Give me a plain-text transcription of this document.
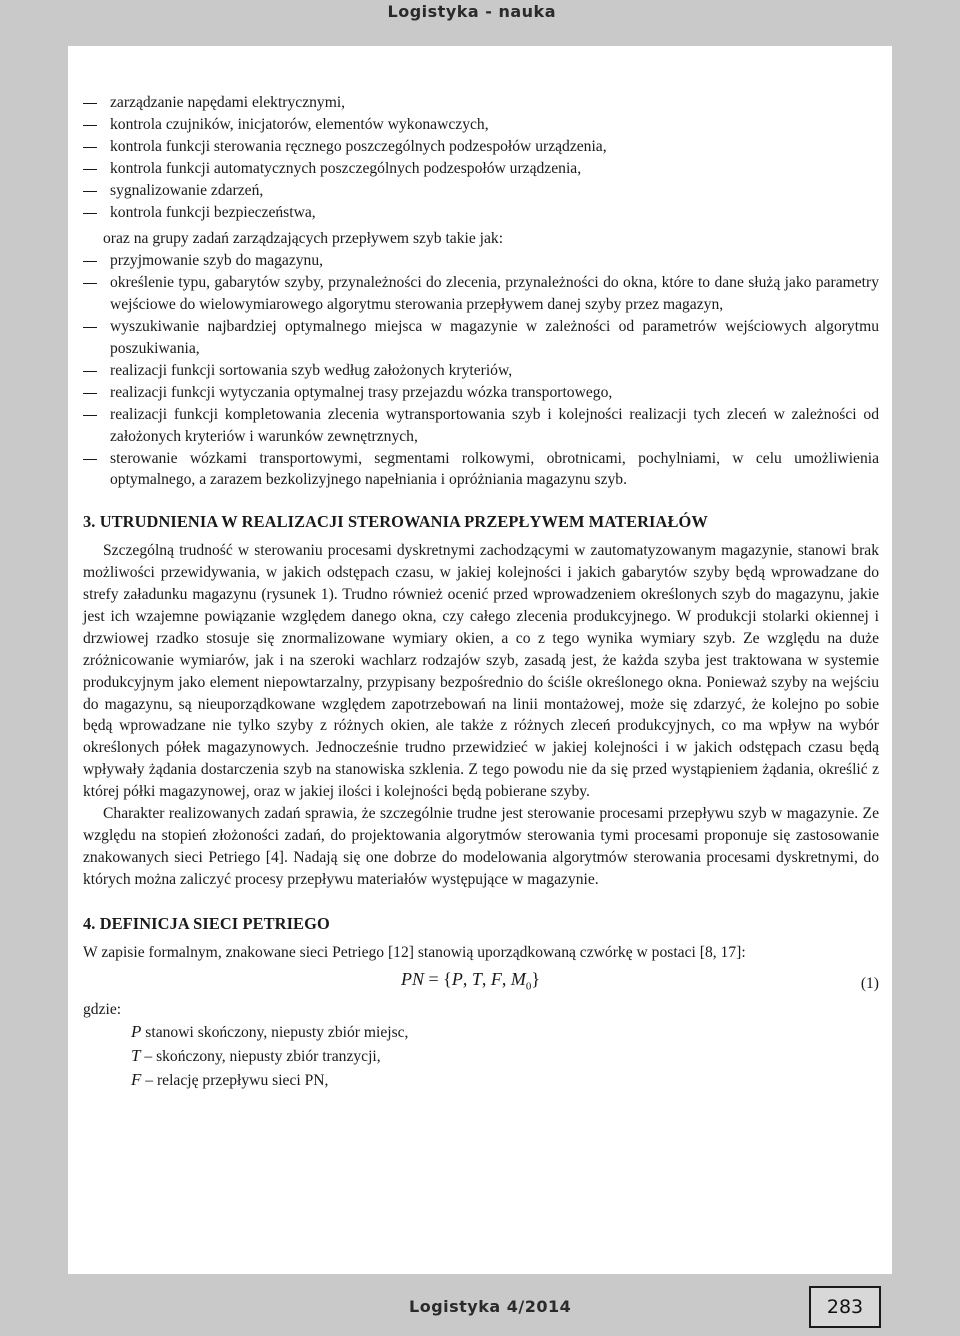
Logistyka - nauka
zarządzanie napędami elektrycznymi,
kontrola czujników, inicjatorów, elementów wykonawczych,
kontrola funkcji sterowania ręcznego poszczególnych podzespołów urządzenia,
kontrola funkcji automatycznych poszczególnych podzespołów urządzenia,
sygnalizowanie zdarzeń,
kontrola funkcji bezpieczeństwa,
oraz na grupy zadań zarządzających przepływem szyb takie jak:
przyjmowanie szyb do magazynu,
określenie typu, gabarytów szyby, przynależności do zlecenia, przynależności do okna, które to dane służą jako parametry wejściowe do wielowymiarowego algorytmu sterowania przepływem danej szyby przez magazyn,
wyszukiwanie najbardziej optymalnego miejsca w magazynie w zależności od parametrów wejściowych algorytmu poszukiwania,
realizacji funkcji sortowania szyb według założonych kryteriów,
realizacji funkcji wytyczania optymalnej trasy przejazdu wózka transportowego,
realizacji funkcji kompletowania zlecenia wytransportowania szyb i kolejności realizacji tych zleceń w zależności od założonych kryteriów i warunków zewnętrznych,
sterowanie wózkami transportowymi, segmentami rolkowymi, obrotnicami, pochylniami, w celu umożliwienia optymalnego, a zarazem bezkolizyjnego napełniania i opróżniania magazynu szyb.
3. UTRUDNIENIA W REALIZACJI STEROWANIA PRZEPŁYWEM MATERIAŁÓW

Szczególną trudność w sterowaniu procesami dyskretnymi zachodzącymi w zautomatyzowanym magazynie, stanowi brak możliwości przewidywania, w jakich odstępach czasu, w jakiej kolejności i jakich gabarytów szyby będą wprowadzane do strefy załadunku magazynu (rysunek 1). Trudno również ocenić przed wprowadzeniem określonych szyb do magazynu, jakie jest ich wzajemne powiązanie względem danego okna, czy całego zlecenia produkcyjnego. W produkcji stolarki okiennej i drzwiowej rzadko stosuje się znormalizowane wymiary okien, a co z tego wynika wymiary szyb. Ze względu na duże zróżnicowanie wymiarów, jak i na szeroki wachlarz rodzajów szyb, zasadą jest, że każda szyba jest traktowana w systemie produkcyjnym jako element niepowtarzalny, przypisany bezpośrednio do ściśle określonego okna. Ponieważ szyby na wejściu do magazynu, są nieuporządkowane względem zapotrzebowań na linii montażowej, może się zdarzyć, że kolejno po sobie będą wprowadzane nie tylko szyby z różnych okien, ale także z różnych zleceń produkcyjnych, co ma wpływ na wybór określonych półek magazynowych. Jednocześnie trudno przewidzieć w jakiej kolejności i w jakich odstępach czasu będą wpływały żądania dostarczenia szyb na stanowiska szklenia. Z tego powodu nie da się przed wystąpieniem żądania, określić z której półki magazynowej, oraz w jakiej ilości i kolejności będą pobierane szyby.

Charakter realizowanych zadań sprawia, że szczególnie trudne jest sterowanie procesami przepływu szyb w magazynie. Ze względu na stopień złożoności zadań, do projektowania algorytmów sterowania tymi procesami proponuje się zastosowanie znakowanych sieci Petriego [4]. Nadają się one dobrze do modelowania algorytmów sterowania procesami dyskretnymi, do których można zaliczyć procesy przepływu materiałów występujące w magazynie.

4. DEFINICJA SIECI PETRIEGO

W zapisie formalnym, znakowane sieci Petriego [12] stanowią uporządkowaną czwórkę w postaci [8, 17]:

PN = {P, T, F, $M_0$}	(1)

gdzie:

P stanowi skończony, niepusty zbiór miejsc,
T – skończony, niepusty zbiór tranzycji,
F – relację przepływu sieci PN,
Logistyka 4/2014	283
